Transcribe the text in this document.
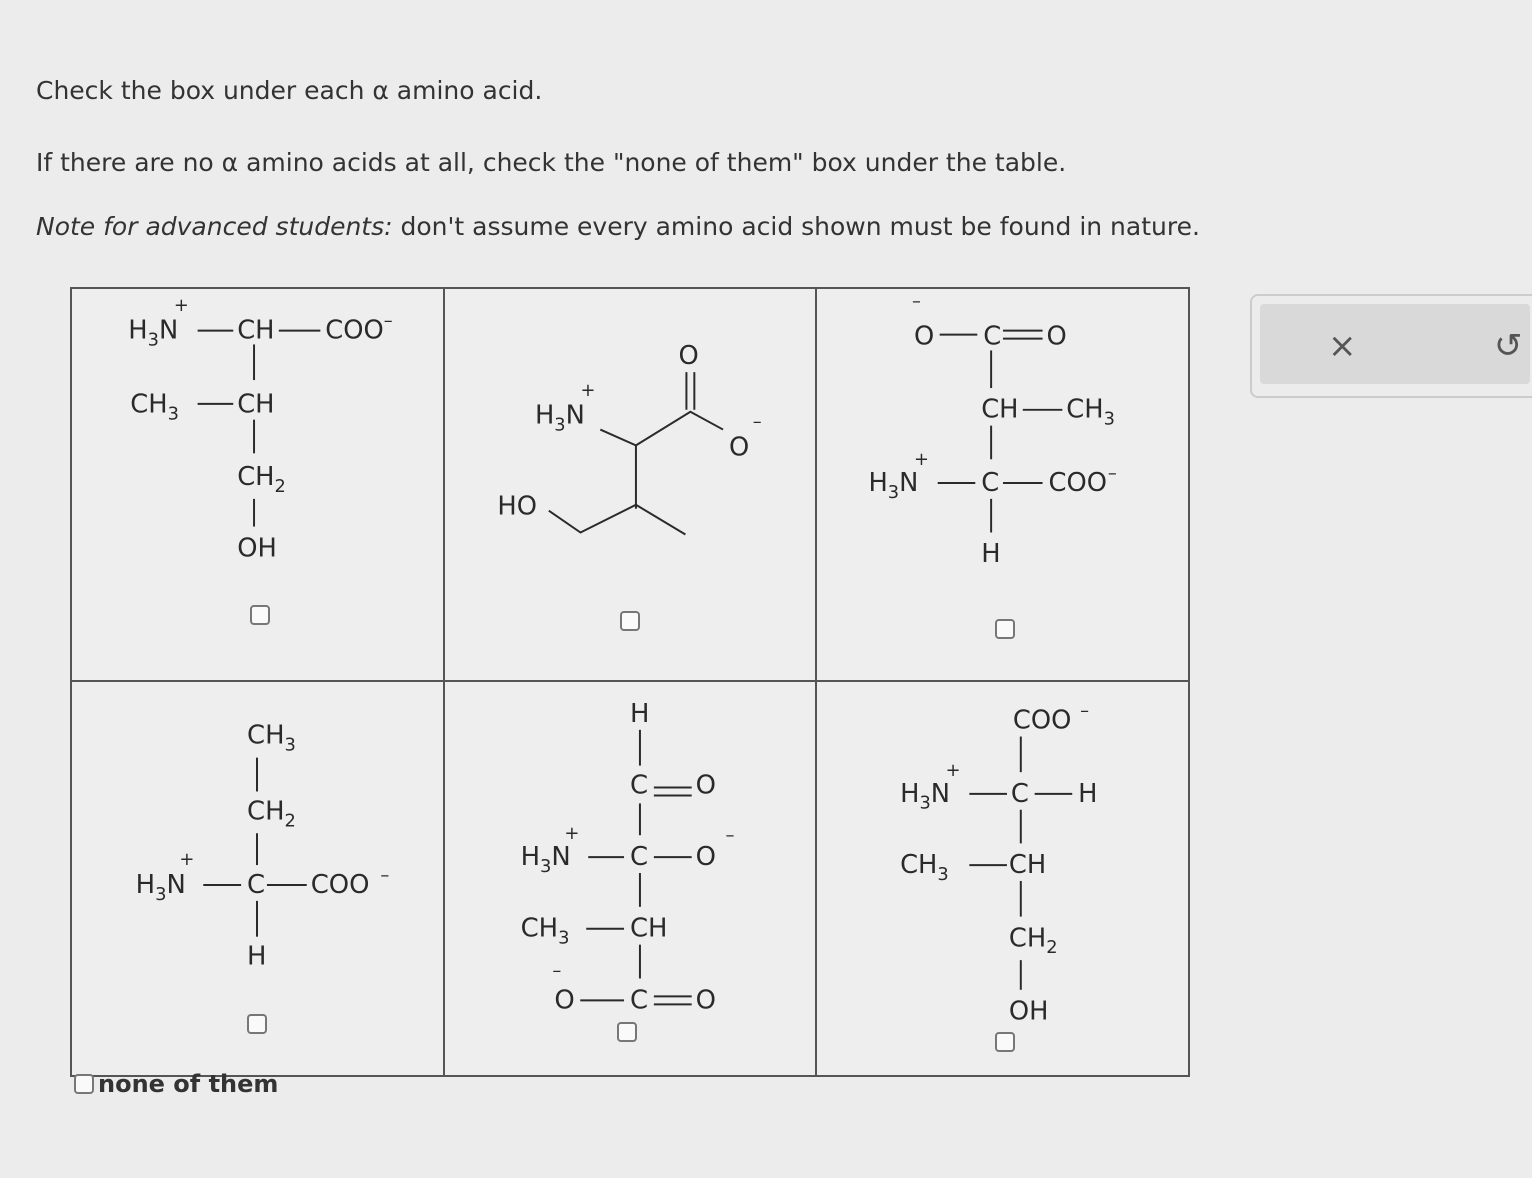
Check the box under each α amino acid.
If there are no α amino acids at all, check the "none of them" box under the table.
Note for advanced students: don't assume every amino acid shown must be found in nature.
$H_3N$
+
CH COO –
$CH_3$ CH
$CH_2$
OH
$H_3N$
+
O
O
–
HO
–
O C O
CH $CH_3$
$H_3N$
+
C COO –
H
$CH_3$
$CH_2$
$H_3N$
+
C COO –
H
H
C O
$H_3N$
+
C O
–
$CH_3$ CH
–
O C O
COO –
$H_3N$
+
C H
$CH_3$ CH
$CH_2$
OH
none of them
×	↺
